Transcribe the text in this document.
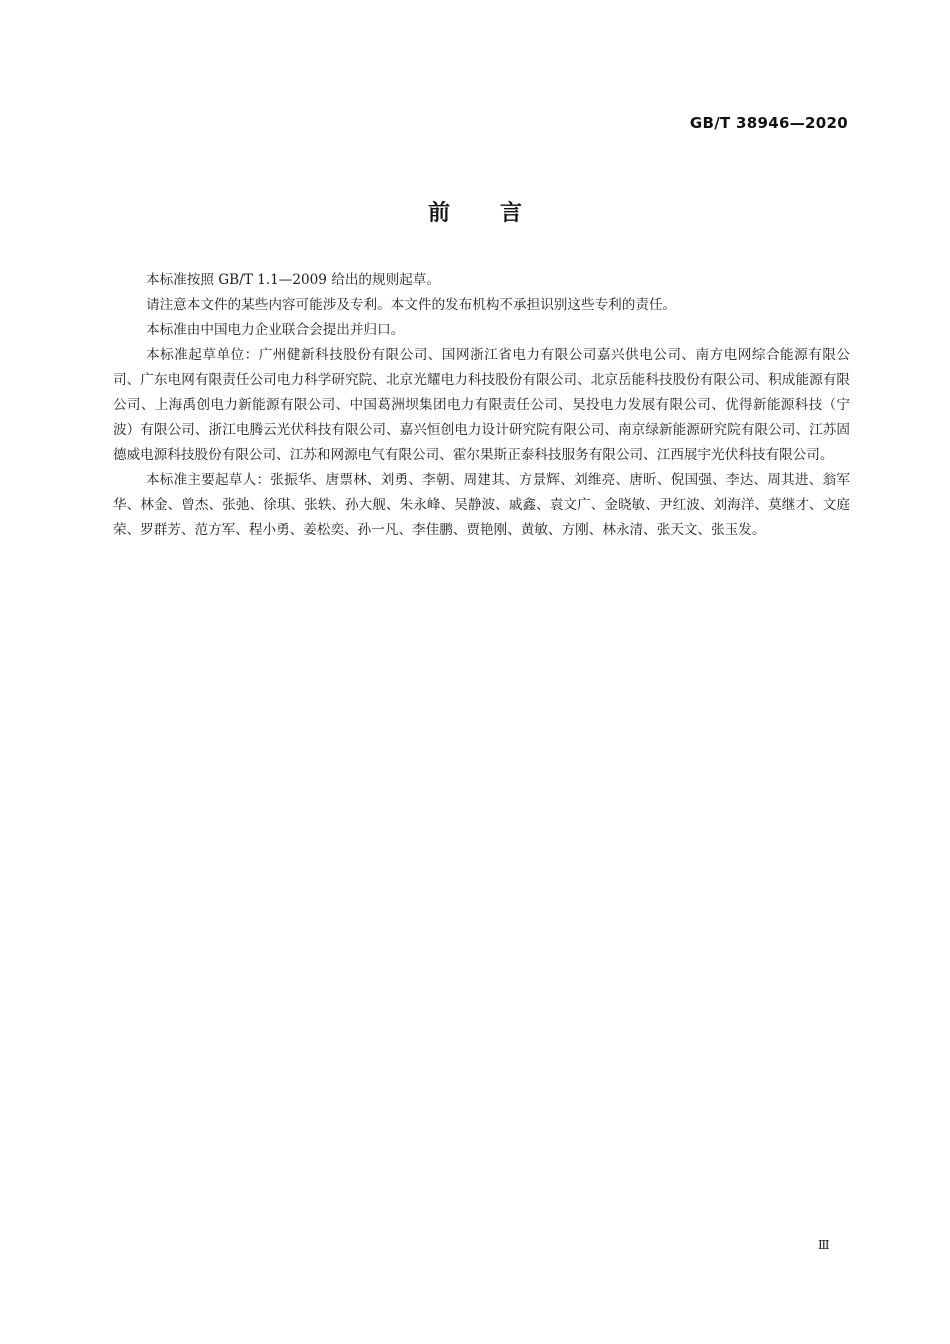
GB/T 38946—2020
前 言

本标准按照 GB/T 1.1—2009 给出的规则起草。

请注意本文件的某些内容可能涉及专利。本文件的发布机构不承担识别这些专利的责任。

本标准由中国电力企业联合会提出并归口。

本标准起草单位：广州健新科技股份有限公司、国网浙江省电力有限公司嘉兴供电公司、南方电网综合能源有限公司、广东电网有限责任公司电力科学研究院、北京光耀电力科技股份有限公司、北京岳能科技股份有限公司、积成能源有限公司、上海禹创电力新能源有限公司、中国葛洲坝集团电力有限责任公司、昊投电力发展有限公司、优得新能源科技（宁波）有限公司、浙江电腾云光伏科技有限公司、嘉兴恒创电力设计研究院有限公司、南京绿新能源研究院有限公司、江苏固德威电源科技股份有限公司、江苏和网源电气有限公司、霍尔果斯正泰科技服务有限公司、江西展宇光伏科技有限公司。

本标准主要起草人：张振华、唐票林、刘勇、李朝、周建其、方景辉、刘维亮、唐昕、倪国强、李达、周其进、翁军华、林金、曾杰、张弛、徐琪、张轶、孙大舰、朱永峰、吴静波、戚鑫、袁文广、金晓敏、尹红波、刘海洋、莫继才、文庭荣、罗群芳、范方军、程小勇、姜松奕、孙一凡、李佳鹏、贾艳刚、黄敏、方刚、林永清、张天文、张玉发。

Ⅲ
